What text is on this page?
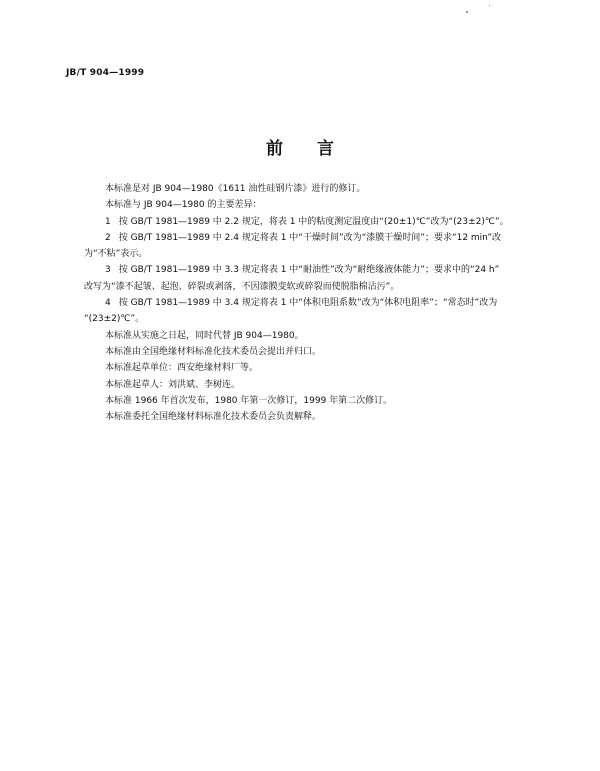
JB/T 904—1999
前言
本标准是对 JB 904—1980《1611 油性硅钢片漆》进行的修订。
本标准与 JB 904—1980 的主要差异：
1 按 GB/T 1981—1989 中 2.2 规定，将表 1 中的粘度测定温度由“(20±1)℃”改为“(23±2)℃”。
2 按 GB/T 1981—1989 中 2.4 规定将表 1 中“干燥时间”改为“漆膜干燥时间”；要求“12 min”改
为“不粘”表示。
3 按 GB/T 1981—1989 中 3.3 规定将表 1 中“耐油性”改为“耐绝缘液体能力”；要求中的“24 h”
改写为“漆不起皱、起泡、碎裂或剥落，不因漆膜变软或碎裂而使脱脂棉沾污”。
4 按 GB/T 1981—1989 中 3.4 规定将表 1 中“体积电阻系数”改为“体积电阻率”；“常态时”改为
“(23±2)℃”。
本标准从实施之日起，同时代替 JB 904—1980。
本标准由全国绝缘材料标准化技术委员会提出并归口。
本标准起草单位：西安绝缘材料厂等。
本标准起草人：刘洪斌、李树连。
本标准 1966 年首次发布，1980 年第一次修订，1999 年第二次修订。
本标准委托全国绝缘材料标准化技术委员会负责解释。
